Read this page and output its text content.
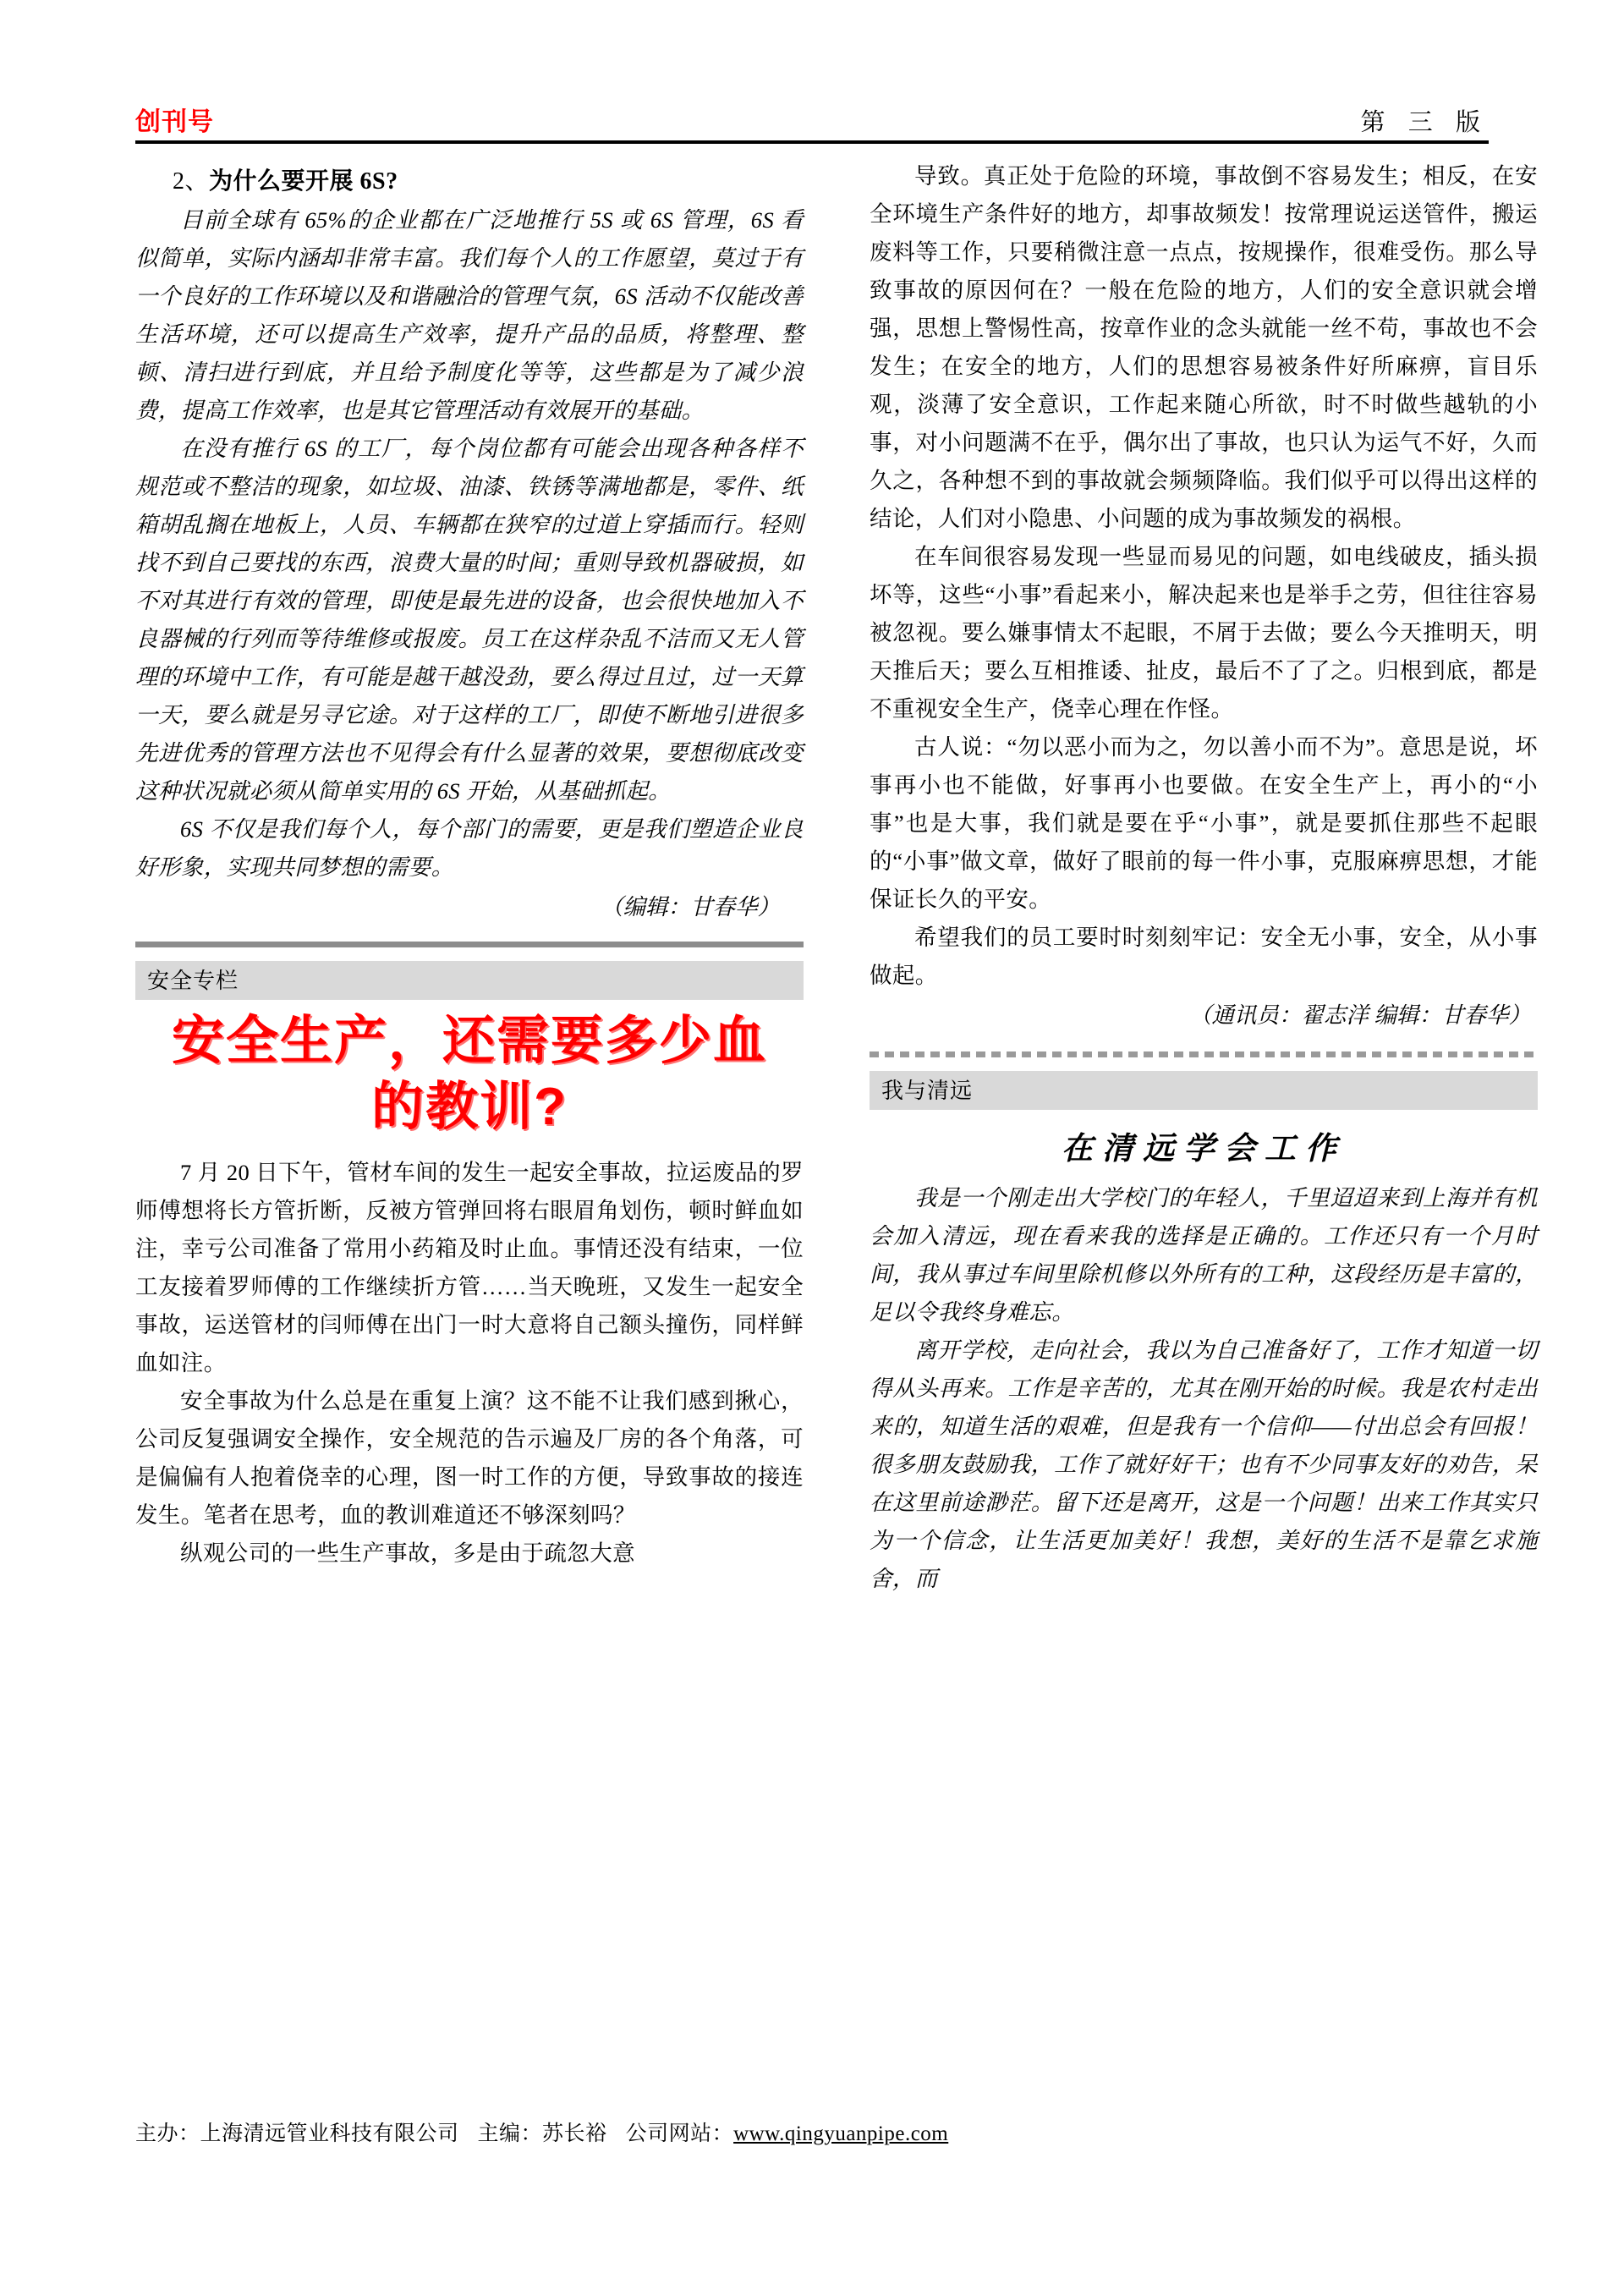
创刊号	第 三 版
2、为什么要开展 6S?

目前全球有 65%的企业都在广泛地推行 5S 或 6S 管理，6S 看似简单，实际内涵却非常丰富。我们每个人的工作愿望，莫过于有一个良好的工作环境以及和谐融洽的管理气氛，6S 活动不仅能改善生活环境，还可以提高生产效率，提升产品的品质，将整理、整顿、清扫进行到底，并且给予制度化等等，这些都是为了减少浪费，提高工作效率，也是其它管理活动有效展开的基础。

在没有推行 6S 的工厂，每个岗位都有可能会出现各种各样不规范或不整洁的现象，如垃圾、油漆、铁锈等满地都是，零件、纸箱胡乱搁在地板上，人员、车辆都在狭窄的过道上穿插而行。轻则找不到自己要找的东西，浪费大量的时间；重则导致机器破损，如不对其进行有效的管理，即使是最先进的设备，也会很快地加入不良器械的行列而等待维修或报废。员工在这样杂乱不洁而又无人管理的环境中工作，有可能是越干越没劲，要么得过且过，过一天算一天，要么就是另寻它途。对于这样的工厂，即使不断地引进很多先进优秀的管理方法也不见得会有什么显著的效果，要想彻底改变这种状况就必须从简单实用的 6S 开始，从基础抓起。

6S 不仅是我们每个人，每个部门的需要，更是我们塑造企业良好形象，实现共同梦想的需要。

（编辑：甘春华）
安全专栏
安全生产，还需要多少血
的教训?

7 月 20 日下午，管材车间的发生一起安全事故，拉运废品的罗师傅想将长方管折断，反被方管弹回将右眼眉角划伤，顿时鲜血如注，幸亏公司准备了常用小药箱及时止血。事情还没有结束，一位工友接着罗师傅的工作继续折方管……当天晚班，又发生一起安全事故，运送管材的闫师傅在出门一时大意将自己额头撞伤，同样鲜血如注。

安全事故为什么总是在重复上演？这不能不让我们感到揪心，公司反复强调安全操作，安全规范的告示遍及厂房的各个角落，可是偏偏有人抱着侥幸的心理，图一时工作的方便，导致事故的接连发生。笔者在思考，血的教训难道还不够深刻吗？

纵观公司的一些生产事故，多是由于疏忽大意

导致。真正处于危险的环境，事故倒不容易发生；相反，在安全环境生产条件好的地方，却事故频发！按常理说运送管件，搬运废料等工作，只要稍微注意一点点，按规操作，很难受伤。那么导致事故的原因何在？一般在危险的地方，人们的安全意识就会增强，思想上警惕性高，按章作业的念头就能一丝不苟，事故也不会发生；在安全的地方，人们的思想容易被条件好所麻痹，盲目乐观，淡薄了安全意识，工作起来随心所欲，时不时做些越轨的小事，对小问题满不在乎，偶尔出了事故，也只认为运气不好，久而久之，各种想不到的事故就会频频降临。我们似乎可以得出这样的结论，人们对小隐患、小问题的成为事故频发的祸根。

在车间很容易发现一些显而易见的问题，如电线破皮，插头损坏等，这些“小事”看起来小，解决起来也是举手之劳，但往往容易被忽视。要么嫌事情太不起眼，不屑于去做；要么今天推明天，明天推后天；要么互相推诿、扯皮，最后不了了之。归根到底，都是不重视安全生产，侥幸心理在作怪。

古人说：“勿以恶小而为之，勿以善小而不为”。意思是说，坏事再小也不能做，好事再小也要做。在安全生产上，再小的“小事”也是大事，我们就是要在乎“小事”，就是要抓住那些不起眼的“小事”做文章，做好了眼前的每一件小事，克服麻痹思想，才能保证长久的平安。

希望我们的员工要时时刻刻牢记：安全无小事，安全，从小事做起。

（通讯员：翟志洋 编辑：甘春华）
我与清远
在清远学会工作

我是一个刚走出大学校门的年轻人，千里迢迢来到上海并有机会加入清远，现在看来我的选择是正确的。工作还只有一个月时间，我从事过车间里除机修以外所有的工种，这段经历是丰富的，足以令我终身难忘。

离开学校，走向社会，我以为自己准备好了，工作才知道一切得从头再来。工作是辛苦的，尤其在刚开始的时候。我是农村走出来的，知道生活的艰难，但是我有一个信仰——付出总会有回报！很多朋友鼓励我，工作了就好好干；也有不少同事友好的劝告，呆在这里前途渺茫。留下还是离开，这是一个问题！出来工作其实只为一个信念，让生活更加美好！我想，美好的生活不是靠乞求施舍，而

主办：上海清远管业科技有限公司 主编：苏长裕 公司网站：www.qingyuanpipe.com
